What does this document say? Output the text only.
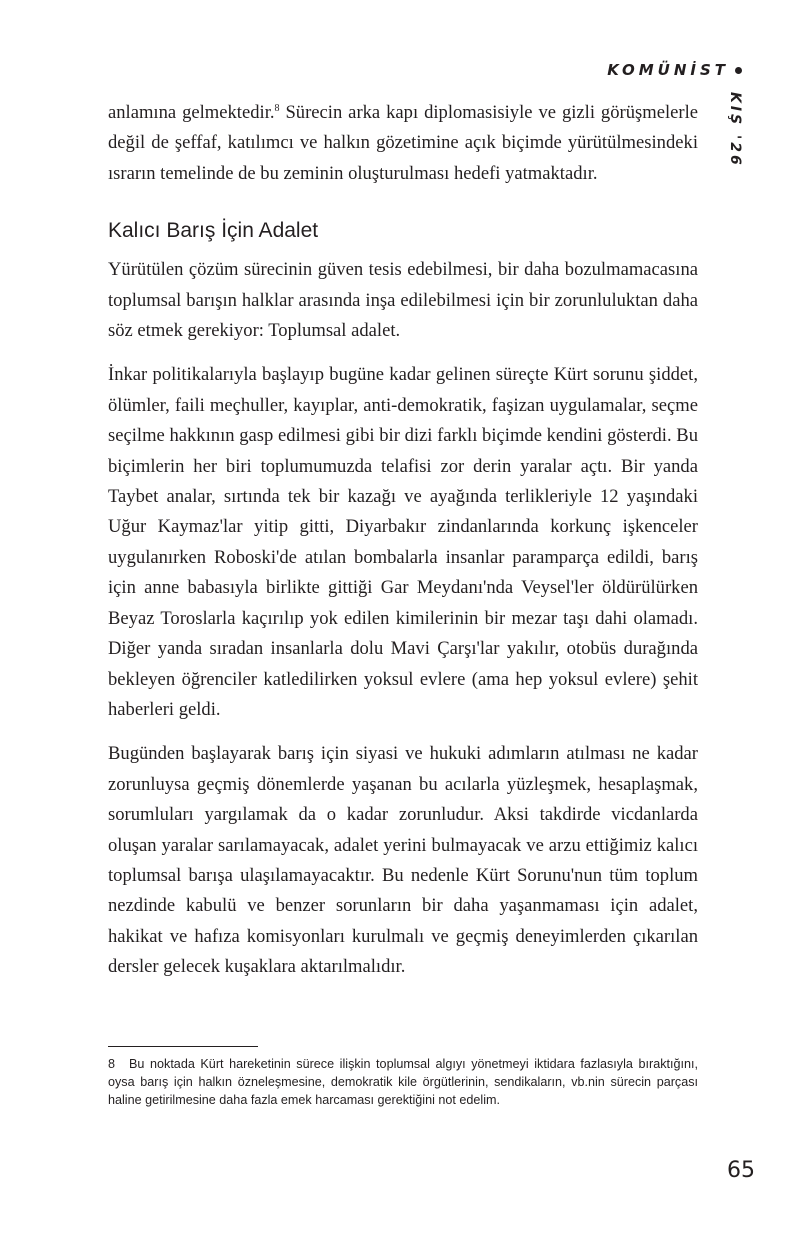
KOMÜNİST
KIŞ '26

anlamına gelmektedir.$^8$ Sürecin arka kapı diplomasisiyle ve gizli görüşmelerle değil de şeffaf, katılımcı ve halkın gözetimine açık biçimde yürütülmesindeki ısrarın temelinde de bu zeminin oluşturulması hedefi yatmaktadır.

Kalıcı Barış İçin Adalet

Yürütülen çözüm sürecinin güven tesis edebilmesi, bir daha bozulmamacasına toplumsal barışın halklar arasında inşa edilebilmesi için bir zorunluluktan daha söz etmek gerekiyor: Toplumsal adalet.

İnkar politikalarıyla başlayıp bugüne kadar gelinen süreçte Kürt sorunu şiddet, ölümler, faili meçhuller, kayıplar, anti-demokratik, faşizan uygulamalar, seçme seçilme hakkının gasp edilmesi gibi bir dizi farklı biçimde kendini gösterdi. Bu biçimlerin her biri toplumumuzda telafisi zor derin yaralar açtı. Bir yanda Taybet analar, sırtında tek bir kazağı ve ayağında terlikleriyle 12 yaşındaki Uğur Kaymaz'lar yitip gitti, Diyarbakır zindanlarında korkunç işkenceler uygulanırken Roboski'de atılan bombalarla insanlar paramparça edildi, barış için anne babasıyla birlikte gittiği Gar Meydanı'nda Veysel'ler öldürülürken Beyaz Toroslarla kaçırılıp yok edilen kimilerinin bir mezar taşı dahi olamadı. Diğer yanda sıradan insanlarla dolu Mavi Çarşı'lar yakılır, otobüs durağında bekleyen öğrenciler katledilirken yoksul evlere (ama hep yoksul evlere) şehit haberleri geldi.

Bugünden başlayarak barış için siyasi ve hukuki adımların atılması ne kadar zorunluysa geçmiş dönemlerde yaşanan bu acılarla yüzleşmek, hesaplaşmak, sorumluları yargılamak da o kadar zorunludur. Aksi takdirde vicdanlarda oluşan yaralar sarılamayacak, adalet yerini bulmayacak ve arzu ettiğimiz kalıcı toplumsal barışa ulaşılamayacaktır. Bu nedenle Kürt Sorunu'nun tüm toplum nezdinde kabulü ve benzer sorunların bir daha yaşanmaması için adalet, hakikat ve hafıza komisyonları kurulmalı ve geçmiş deneyimlerden çıkarılan dersler gelecek kuşaklara aktarılmalıdır.

8 Bu noktada Kürt hareketinin sürece ilişkin toplumsal algıyı yönetmeyi iktidara fazlasıyla bıraktığını, oysa barış için halkın özneleşmesine, demokratik kile örgütlerinin, sendikaların, vb.nin sürecin parçası haline getirilmesine daha fazla emek harcaması gerektiğini not edelim.
65
